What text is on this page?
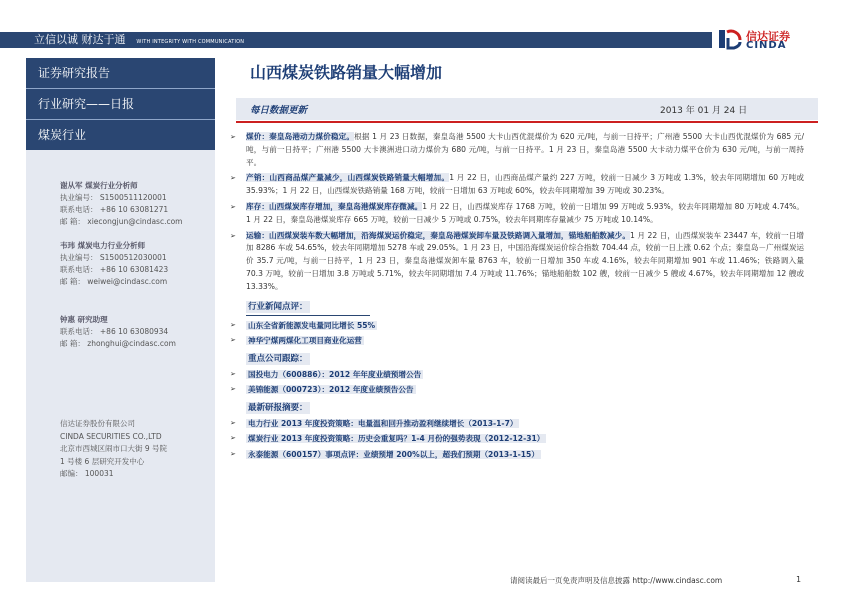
立信以诚 财达于通 WITH INTEGRITY WITH COMMUNICATION	信达证券
CINDA
证券研究报告
行业研究——日报
煤炭行业
谢从军 煤炭行业分析师
执业编号： S1500511120001
联系电话： +86 10 63081271
邮 箱： xiecongjun@cindasc.com
韦玮 煤炭电力行业分析师
执业编号： S1500512030001
联系电话： +86 10 63081423
邮 箱： weiwei@cindasc.com
钟惠 研究助理
联系电话： +86 10 63080934
邮 箱： zhonghui@cindasc.com
信达证券股份有限公司
CINDA SECURITIES CO.,LTD
北京市西城区闹市口大街 9 号院
1 号楼 6 层研究开发中心
邮编： 100031
山西煤炭铁路销量大幅增加
每日数据更新	2013 年 01 月 24 日
➢ 煤价：秦皇岛港动力煤价稳定。根据 1 月 23 日数据，秦皇岛港 5500 大卡山西优混煤价为 620 元/吨，与前一日持平；广州港 5500 大卡山西优混煤价为 685 元/吨，与前一日持平；广州港 5500 大卡澳洲进口动力煤价为 680 元/吨，与前一日持平。1 月 23 日，秦皇岛港 5500 大卡动力煤平仓价为 630 元/吨，与前一周持平。
➢ 产销：山西商品煤产量减少，山西煤炭铁路销量大幅增加。1 月 22 日，山西商品煤产量约 227 万吨，较前一日减少 3 万吨或 1.3%，较去年同期增加 60 万吨或 35.93%；1 月 22 日，山西煤炭铁路销量 168 万吨，较前一日增加 63 万吨或 60%，较去年同期增加 39 万吨或 30.23%。
➢ 库存：山西煤炭库存增加，秦皇岛港煤炭库存微减。1 月 22 日，山西煤炭库存 1768 万吨，较前一日增加 99 万吨或 5.93%，较去年同期增加 80 万吨或 4.74%。1 月 22 日，秦皇岛港煤炭库存 665 万吨，较前一日减少 5 万吨或 0.75%，较去年同期库存量减少 75 万吨或 10.14%。
➢ 运输：山西煤炭装车数大幅增加，沿海煤炭运价稳定，秦皇岛港煤炭卸车量及铁路调入量增加，锚地船舶数减少。1 月 22 日，山西煤炭装车 23447 车，较前一日增加 8286 车或 54.65%，较去年同期增加 5278 车或 29.05%。1 月 23 日，中国沿海煤炭运价综合指数 704.44 点，较前一日上涨 0.62 个点；秦皇岛－广州煤炭运价 35.7 元/吨，与前一日持平，1 月 23 日，秦皇岛港煤炭卸车量 8763 车，较前一日增加 350 车或 4.16%，较去年同期增加 901 车或 11.46%；铁路调入量 70.3 万吨，较前一日增加 3.8 万吨或 5.71%，较去年同期增加 7.4 万吨或 11.76%；锚地船舶数 102 艘，较前一日减少 5 艘或 4.67%，较去年同期增加 12 艘或 13.33%。
行业新闻点评：
➢ 山东全省新能源发电量同比增长 55%
➢ 神华宁煤两煤化工项目商业化运营
重点公司跟踪：
➢ 国投电力（600886）：2012 年年度业绩预增公告
➢ 美锦能源（000723）：2012 年度业绩预告公告
最新研报摘要：
➢ 电力行业 2013 年度投资策略：电量温和回升推动盈利继续增长（2013-1-7）
➢ 煤炭行业 2013 年度投资策略：历史会重复吗？1-4 月份的强势表现（2012-12-31）
➢ 永泰能源（600157）事项点评：业绩预增 200%以上，超我们预期（2013-1-15）
请阅读最后一页免责声明及信息披露 http://www.cindasc.com	1
